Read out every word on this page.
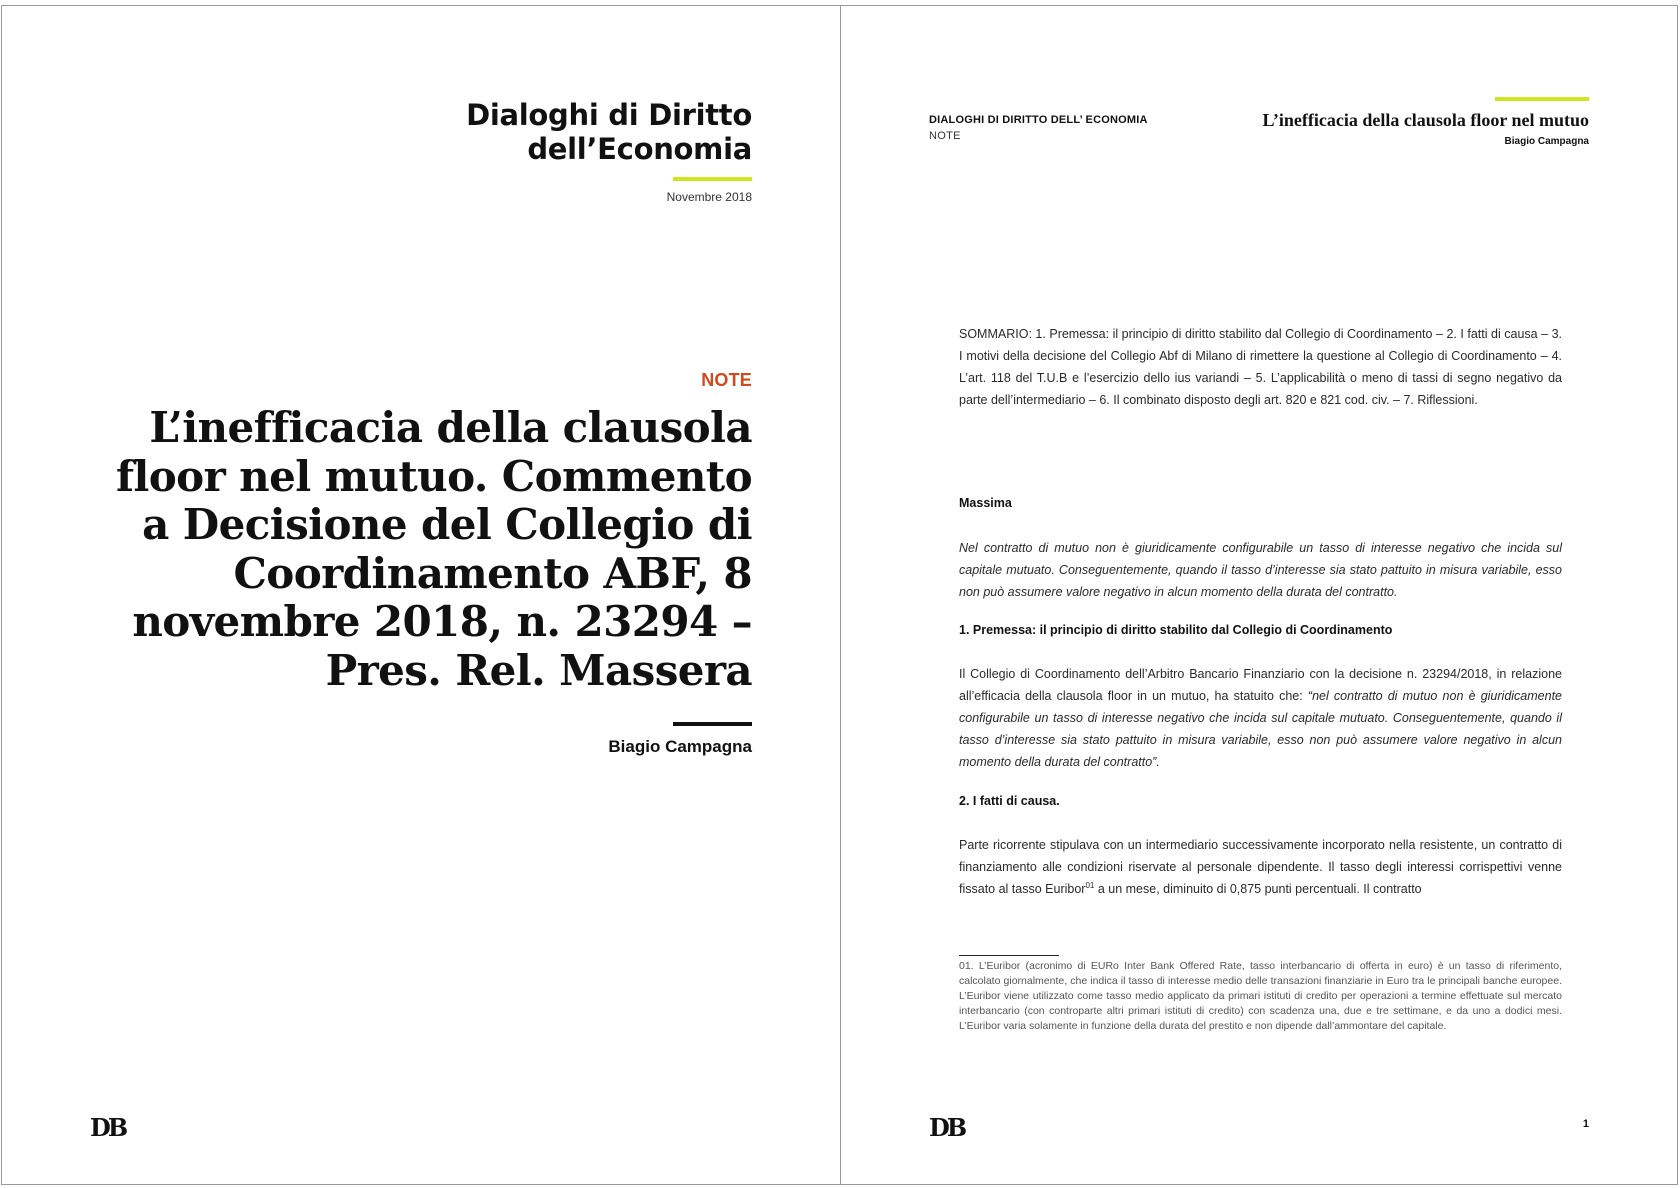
Dialoghi di Diritto
dell’Economia
Novembre 2018
NOTE
L’inefficacia della clausola floor nel mutuo. Commento a Decisione del Collegio di Coordinamento ABF, 8 novembre 2018, n. 23294 – Pres. Rel. Massera
Biagio Campagna
DB
DIALOGHI DI DIRITTO DELL’ ECONOMIA
NOTE
L’inefficacia della clausola floor nel mutuo
Biagio Campagna
SOMMARIO: 1. Premessa: il principio di diritto stabilito dal Collegio di Coordinamento – 2. I fatti di causa – 3. I motivi della decisione del Collegio Abf di Milano di rimettere la questione al Collegio di Coordinamento – 4. L’art. 118 del T.U.B e l’esercizio dello ius variandi – 5. L’applicabilità o meno di tassi di segno negativo da parte dell’intermediario – 6. Il combinato disposto degli art. 820 e 821 cod. civ. – 7. Riflessioni.
Massima
Nel contratto di mutuo non è giuridicamente configurabile un tasso di interesse negativo che incida sul capitale mutuato. Conseguentemente, quando il tasso d’interesse sia stato pattuito in misura variabile, esso non può assumere valore negativo in alcun momento della durata del contratto.
1. Premessa: il principio di diritto stabilito dal Collegio di Coordinamento
Il Collegio di Coordinamento dell’Arbitro Bancario Finanziario con la decisione n. 23294/2018, in relazione all’efficacia della clausola floor in un mutuo, ha statuito che: “nel contratto di mutuo non è giuridicamente configurabile un tasso di interesse negativo che incida sul capitale mutuato. Conseguentemente, quando il tasso d’interesse sia stato pattuito in misura variabile, esso non può assumere valore negativo in alcun momento della durata del contratto”.
2. I fatti di causa.
Parte ricorrente stipulava con un intermediario successivamente incorporato nella resistente, un contratto di finanziamento alle condizioni riservate al personale dipendente. Il tasso degli interessi corrispettivi venne fissato al tasso Euribor$^{01}$ a un mese, diminuito di 0,875 punti percentuali. Il contratto
01. L’Euribor (acronimo di EURo Inter Bank Offered Rate, tasso interbancario di offerta in euro) è un tasso di riferimento, calcolato giornalmente, che indica il tasso di interesse medio delle transazioni finanziarie in Euro tra le principali banche europee. L’Euribor viene utilizzato come tasso medio applicato da primari istituti di credito per operazioni a termine effettuate sul mercato interbancario (con controparte altri primari istituti di credito) con scadenza una, due e tre settimane, e da uno a dodici mesi. L’Euribor varia solamente in funzione della durata del prestito e non dipende dall’ammontare del capitale.
DB	1
